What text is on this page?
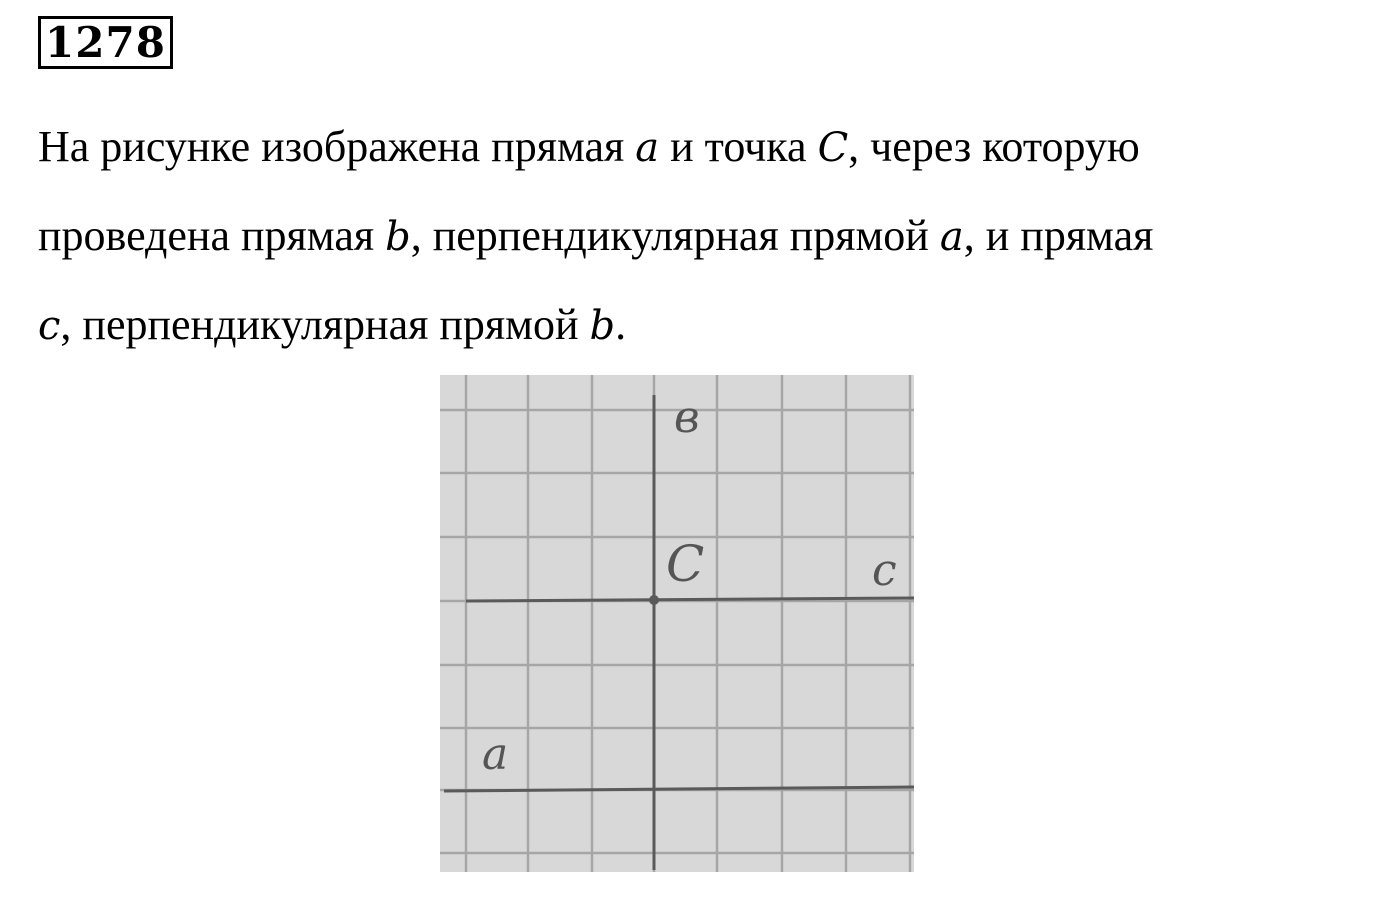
1278

На рисунке изображена прямая a и точка C, через которую
проведена прямая b, перпендикулярная прямой a, и прямая
c, перпендикулярная прямой b.

в
C	c
a
